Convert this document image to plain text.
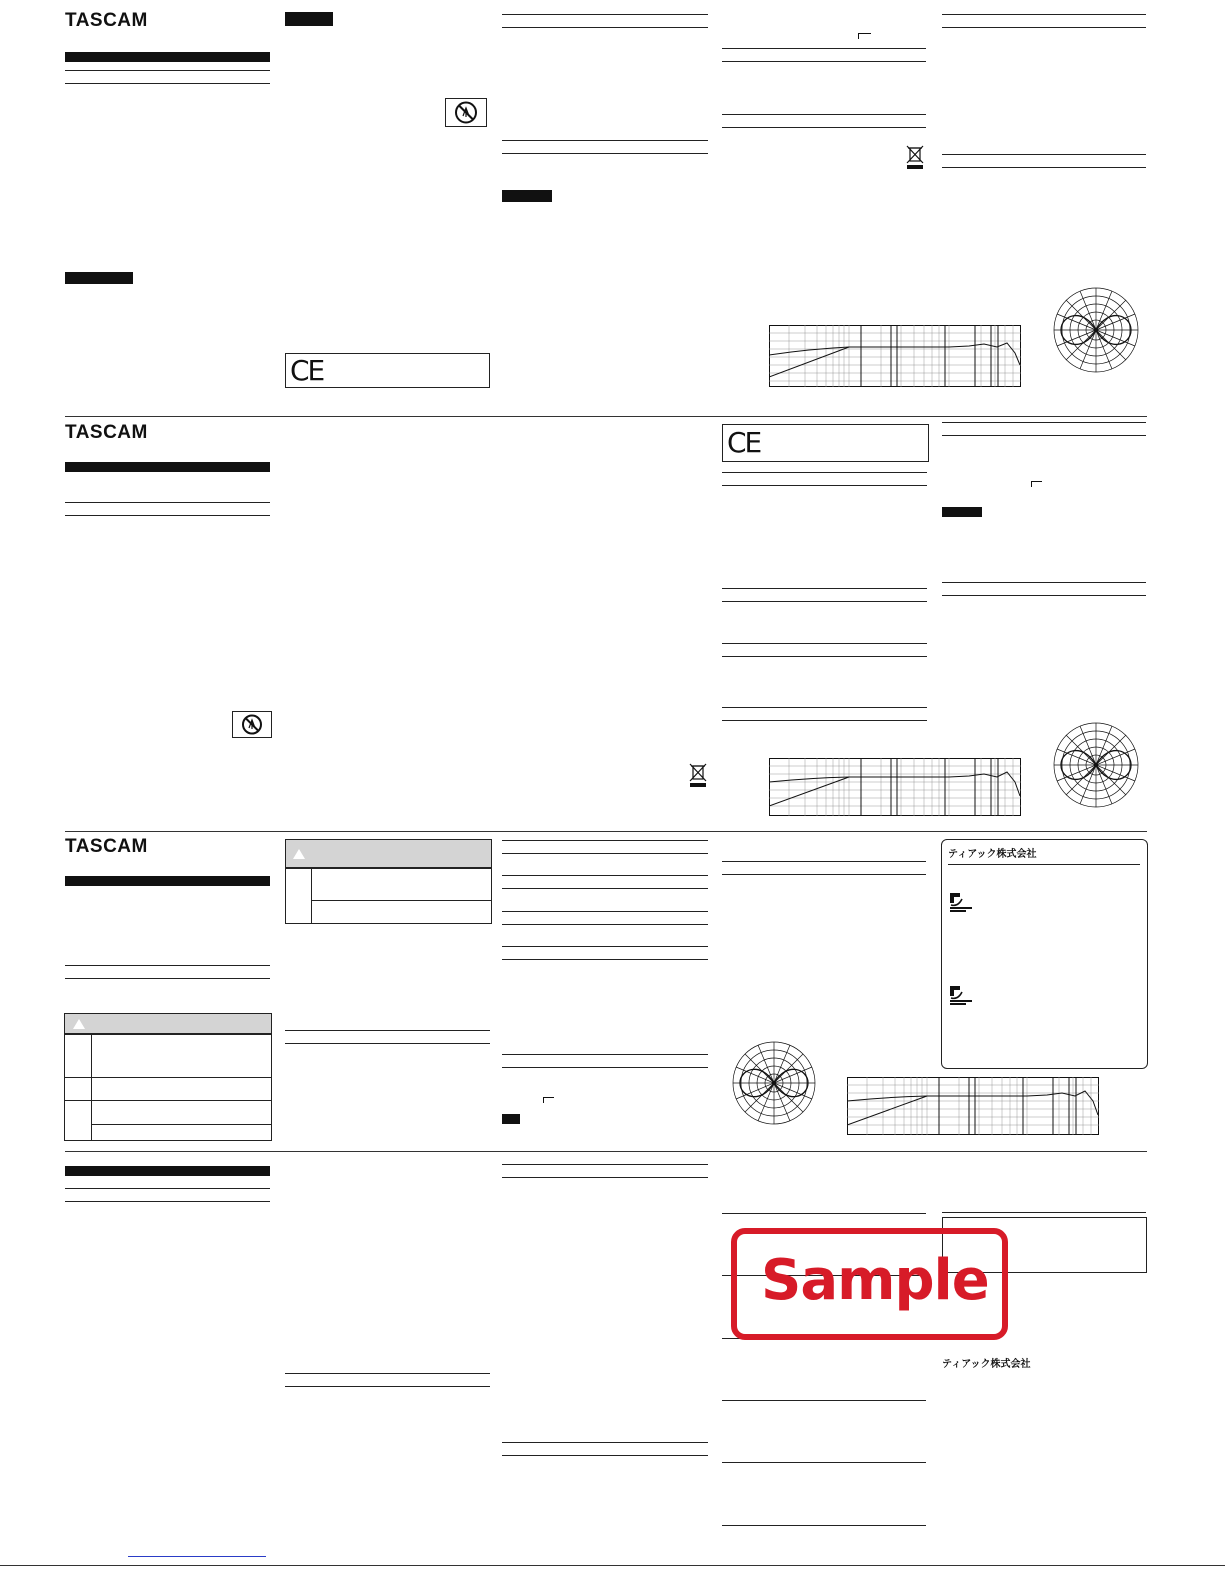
TASCAM
CE
TASCAM	CE
TASCAM	ティアック株式会社
ティアック株式会社
Sample
